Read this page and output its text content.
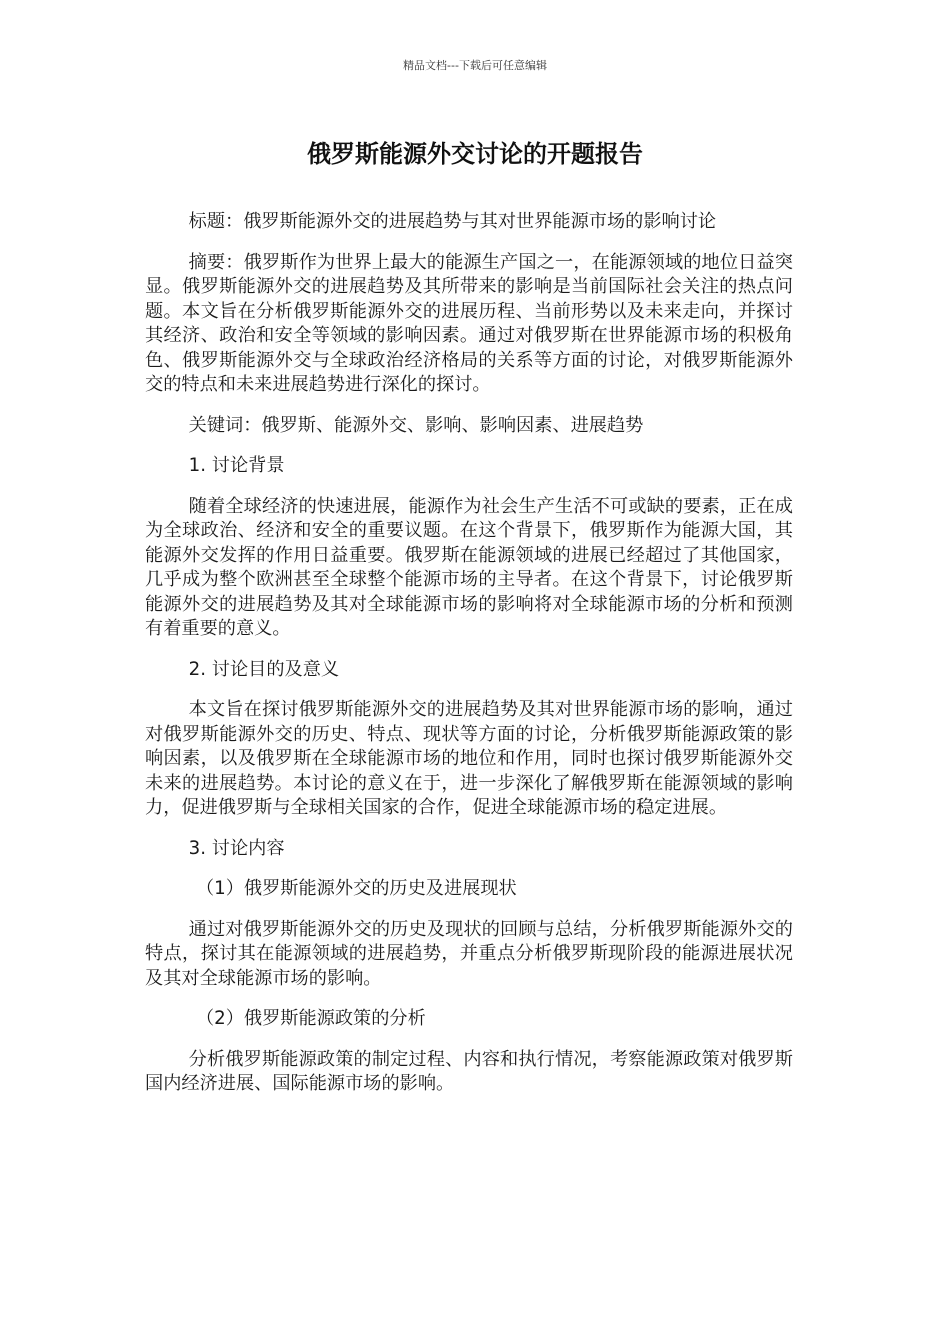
精品文档---下载后可任意编辑
俄罗斯能源外交讨论的开题报告

标题：俄罗斯能源外交的进展趋势与其对世界能源市场的影响讨论

摘要：俄罗斯作为世界上最大的能源生产国之一，在能源领域的地位日益突显。俄罗斯能源外交的进展趋势及其所带来的影响是当前国际社会关注的热点问题。本文旨在分析俄罗斯能源外交的进展历程、当前形势以及未来走向，并探讨其经济、政治和安全等领域的影响因素。通过对俄罗斯在世界能源市场的积极角色、俄罗斯能源外交与全球政治经济格局的关系等方面的讨论，对俄罗斯能源外交的特点和未来进展趋势进行深化的探讨。

关键词：俄罗斯、能源外交、影响、影响因素、进展趋势

1. 讨论背景

随着全球经济的快速进展，能源作为社会生产生活不可或缺的要素，正在成为全球政治、经济和安全的重要议题。在这个背景下，俄罗斯作为能源大国，其能源外交发挥的作用日益重要。俄罗斯在能源领域的进展已经超过了其他国家，几乎成为整个欧洲甚至全球整个能源市场的主导者。在这个背景下，讨论俄罗斯能源外交的进展趋势及其对全球能源市场的影响将对全球能源市场的分析和预测有着重要的意义。

2. 讨论目的及意义

本文旨在探讨俄罗斯能源外交的进展趋势及其对世界能源市场的影响，通过对俄罗斯能源外交的历史、特点、现状等方面的讨论，分析俄罗斯能源政策的影响因素，以及俄罗斯在全球能源市场的地位和作用，同时也探讨俄罗斯能源外交未来的进展趋势。本讨论的意义在于，进一步深化了解俄罗斯在能源领域的影响力，促进俄罗斯与全球相关国家的合作，促进全球能源市场的稳定进展。

3. 讨论内容

（1）俄罗斯能源外交的历史及进展现状

通过对俄罗斯能源外交的历史及现状的回顾与总结，分析俄罗斯能源外交的特点，探讨其在能源领域的进展趋势，并重点分析俄罗斯现阶段的能源进展状况及其对全球能源市场的影响。

（2）俄罗斯能源政策的分析

分析俄罗斯能源政策的制定过程、内容和执行情况，考察能源政策对俄罗斯国内经济进展、国际能源市场的影响。
